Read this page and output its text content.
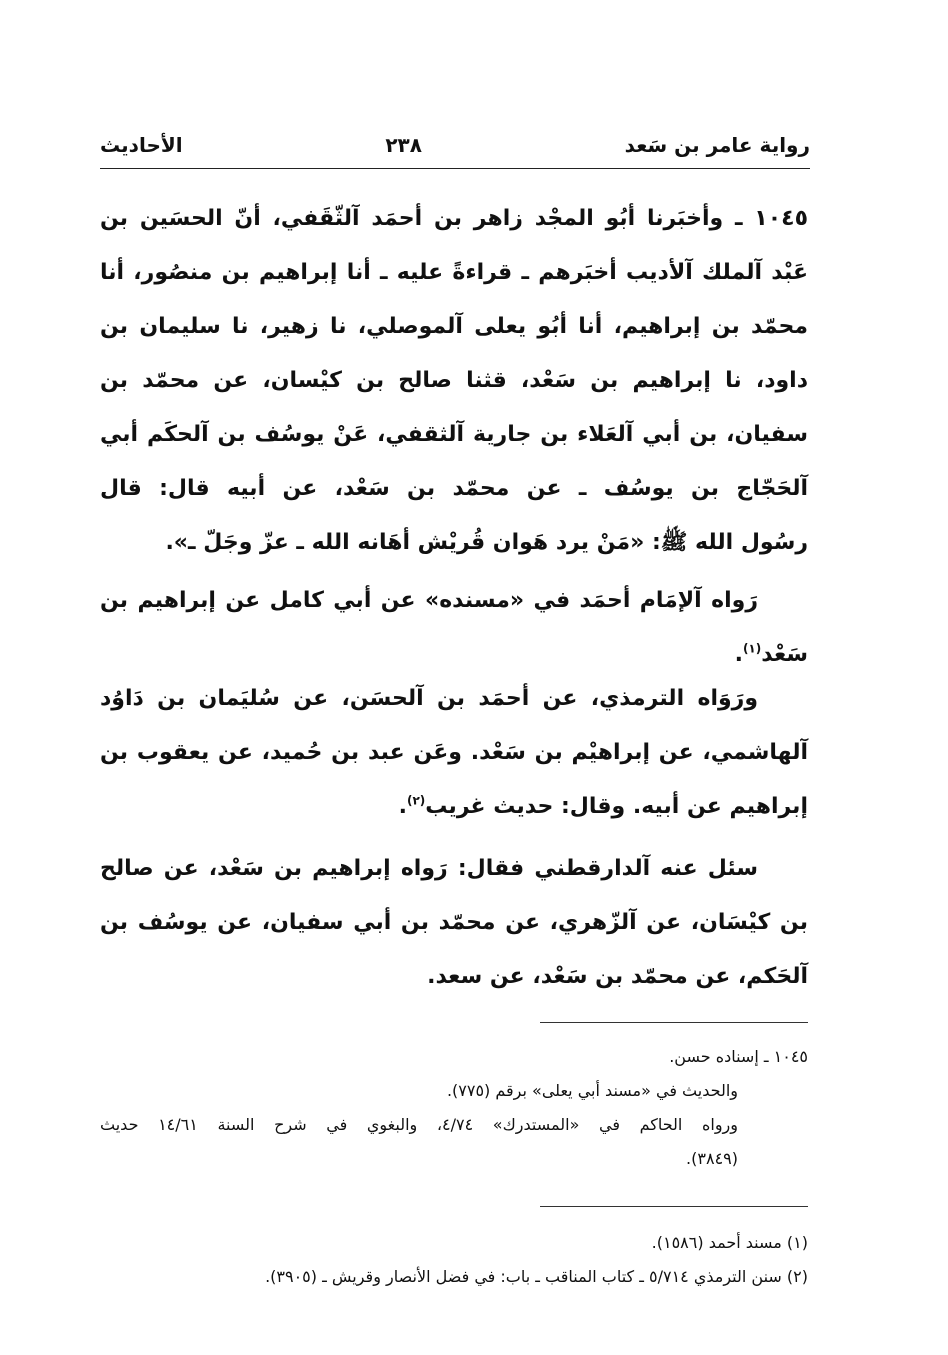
رواية عامر بن سَعد
٢٣٨
الأحاديث

١٠٤٥ ـ وأخبَرنا أبُو المجْد زاهر بن أحمَد آلثّقَفي، أنّ الحسَين بن

عَبْد آلملك آلأديب أخبَرهم ـ قراءةً عليه ـ أنا إبراهيم بن منصُور، أنا

محمّد بن إبراهيم، أنا أبُو يعلى آلموصلي، نا زهير، نا سليمان بن

داود، نا إبراهيم بن سَعْد، قثنا صالح بن كيْسان، عن محمّد بن

سفيان، بن أبي آلعَلاء بن جارية آلثقفي، عَنْ يوسُف بن آلحكَم أبي

آلحَجّاج بن يوسُف ـ عن محمّد بن سَعْد، عن أبيه قال: قال

رسُول الله ﷺ: «مَنْ يرد هَوان قُريْش أهَانه الله ـ عزّ وجَلّ ـ».

رَواه آلإمَام أحمَد في «مسنده» عن أبي كامل عن إبراهيم بن سَعْد$^{(١)}$.

ورَوَاه الترمذي، عن أحمَد بن آلحسَن، عن سُليَمان بن دَاوُد آلهاشمي، عن إبراهيْم بن سَعْد. وعَن عبد بن حُميد، عن يعقوب بن إبراهيم عن أبيه. وقال: حديث غريب$^{(٢)}$.

سئل عنه آلدارقطني فقال: رَواه إبراهيم بن سَعْد، عن صالح بن كيْسَان، عن آلزّهري، عن محمّد بن أبي سفيان، عن يوسُف بن آلحَكم، عن محمّد بن سَعْد، عن سعد.

١٠٤٥ ـ إسناده حسن.

والحديث في «مسند أبي يعلى» برقم (٧٧٥).

ورواه الحاكم في «المستدرك» ٤/٧٤، والبغوي في شرح السنة ١٤/٦١ حديث

(٣٨٤٩).

(١) مسند أحمد (١٥٨٦).

(٢) سنن الترمذي ٥/٧١٤ ـ كتاب المناقب ـ باب: في فضل الأنصار وقريش ـ (٣٩٠٥).
